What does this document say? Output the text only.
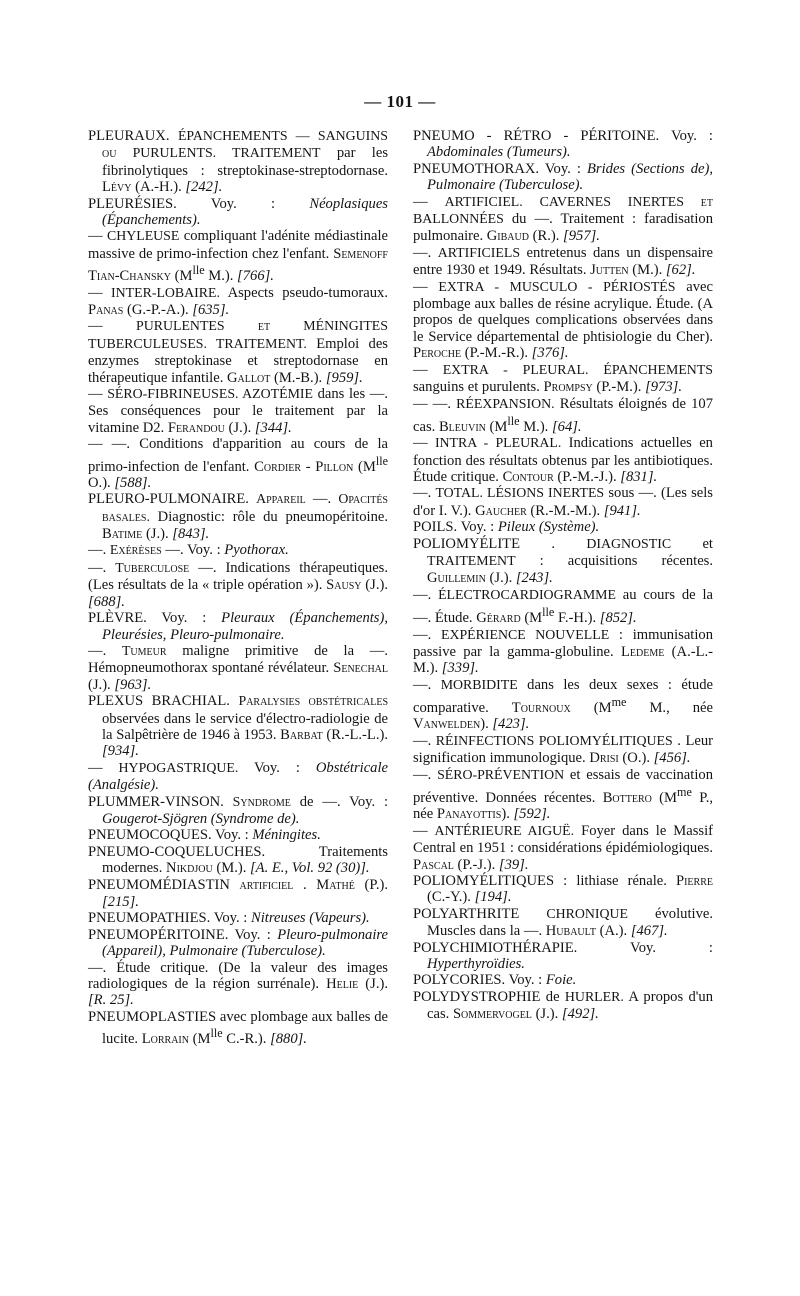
— 101 —

PLEURAUX. ÉPANCHEMENTS — SANGUINS ou PURULENTS. TRAITEMENT par les fibrinolytiques : streptokinase-streptodornase. Lévy (A.-H.). [242].

PLEURÉSIES. Voy. : Néoplasiques (Épanchements).

— CHYLEUSE compliquant l'adénite médiastinale massive de primo-infection chez l'enfant. Semenoff Tian-Chansky ($M^{lle}$ M.). [766].

— INTER-LOBAIRE. Aspects pseudo-tumoraux. Panas (G.-P.-A.). [635].

— PURULENTES et MÉNINGITES TUBERCULEUSES. TRAITEMENT. Emploi des enzymes streptokinase et streptodornase en thérapeutique infantile. Gallot (M.-B.). [959].

— SÉRO-FIBRINEUSES. AZOTÉMIE dans les —. Ses conséquences pour le traitement par la vitamine D2. Ferandou (J.). [344].

— —. Conditions d'apparition au cours de la primo-infection de l'enfant. Cordier - Pillon ($M^{lle}$ O.). [588].

PLEURO-PULMONAIRE. Appareil —. Opacités basales. Diagnostic: rôle du pneumopéritoine. Batime (J.). [843].

—. Exérèses —. Voy. : Pyothorax.

—. Tuberculose —. Indications thérapeutiques. (Les résultats de la « triple opération »). Sausy (J.). [688].

PLÈVRE. Voy. : Pleuraux (Épanchements), Pleurésies, Pleuro-pulmonaire.

—. Tumeur maligne primitive de la —. Hémopneumothorax spontané révélateur. Senechal (J.). [963].

PLEXUS BRACHIAL. Paralysies obstétricales observées dans le service d'électro-radiologie de la Salpêtrière de 1946 à 1953. Barbat (R.-L.-L.). [934].

— HYPOGASTRIQUE. Voy. : Obstétricale (Analgésie).

PLUMMER-VINSON. Syndrome de —. Voy. : Gougerot-Sjögren (Syndrome de).

PNEUMOCOQUES. Voy. : Méningites.

PNEUMO-COQUELUCHES. Traitements modernes. Nikdjou (M.). [A. E., Vol. 92 (30)].

PNEUMOMÉDIASTIN artificiel . Mathé (P.). [215].

PNEUMOPATHIES. Voy. : Nitreuses (Vapeurs).

PNEUMOPÉRITOINE. Voy. : Pleuro-pulmonaire (Appareil), Pulmonaire (Tuberculose).

—. Étude critique. (De la valeur des images radiologiques de la région surrénale). Helie (J.). [R. 25].

PNEUMOPLASTIES avec plombage aux balles de lucite. Lorrain ($M^{lle}$ C.-R.). [880].

PNEUMO - RÉTRO - PÉRITOINE. Voy. : Abdominales (Tumeurs).

PNEUMOTHORAX. Voy. : Brides (Sections de), Pulmonaire (Tuberculose).

— ARTIFICIEL. CAVERNES INERTES et BALLONNÉES du —. Traitement : faradisation pulmonaire. Gibaud (R.). [957].

—. ARTIFICIELS entretenus dans un dispensaire entre 1930 et 1949. Résultats. Jutten (M.). [62].

— EXTRA - MUSCULO - PÉRIOSTÉS avec plombage aux balles de résine acrylique. Étude. (A propos de quelques complications observées dans le Service départemental de phtisiologie du Cher). Peroche (P.-M.-R.). [376].

— EXTRA - PLEURAL. ÉPANCHEMENTS sanguins et purulents. Prompsy (P.-M.). [973].

— —. RÉEXPANSION. Résultats éloignés de 107 cas. Bleuvin ($M^{lle}$ M.). [64].

— INTRA - PLEURAL. Indications actuelles en fonction des résultats obtenus par les antibiotiques. Étude critique. Contour (P.-M.-J.). [831].

—. TOTAL. LÉSIONS INERTES sous —. (Les sels d'or I. V.). Gaucher (R.-M.-M.). [941].

POILS. Voy. : Pileux (Système).

POLIOMYÉLITE . DIAGNOSTIC et TRAITEMENT : acquisitions récentes. Guillemin (J.). [243].

—. ÉLECTROCARDIOGRAMME au cours de la —. Étude. Gérard ($M^{lle}$ F.-H.). [852].

—. EXPÉRIENCE NOUVELLE : immunisation passive par la gamma-globuline. Ledeme (A.-L.-M.). [339].

—. MORBIDITE dans les deux sexes : étude comparative. Tournoux ($M^{me}$ M., née Vanwelden). [423].

—. RÉINFECTIONS POLIOMYÉLITIQUES . Leur signification immunologique. Drisi (O.). [456].

—. SÉRO-PRÉVENTION et essais de vaccination préventive. Données récentes. Bottero ($M^{me}$ P., née Panayottis). [592].

— ANTÉRIEURE AIGUË. Foyer dans le Massif Central en 1951 : considérations épidémiologiques. Pascal (P.-J.). [39].

POLIOMYÉLITIQUES : lithiase rénale. Pierre (C.-Y.). [194].

POLYARTHRITE CHRONIQUE évolutive. Muscles dans la —. Hubault (A.). [467].

POLYCHIMIOTHÉRAPIE. Voy. : Hyperthyroïdies.

POLYCORIES. Voy. : Foie.

POLYDYSTROPHIE de HURLER. A propos d'un cas. Sommervogel (J.). [492].
